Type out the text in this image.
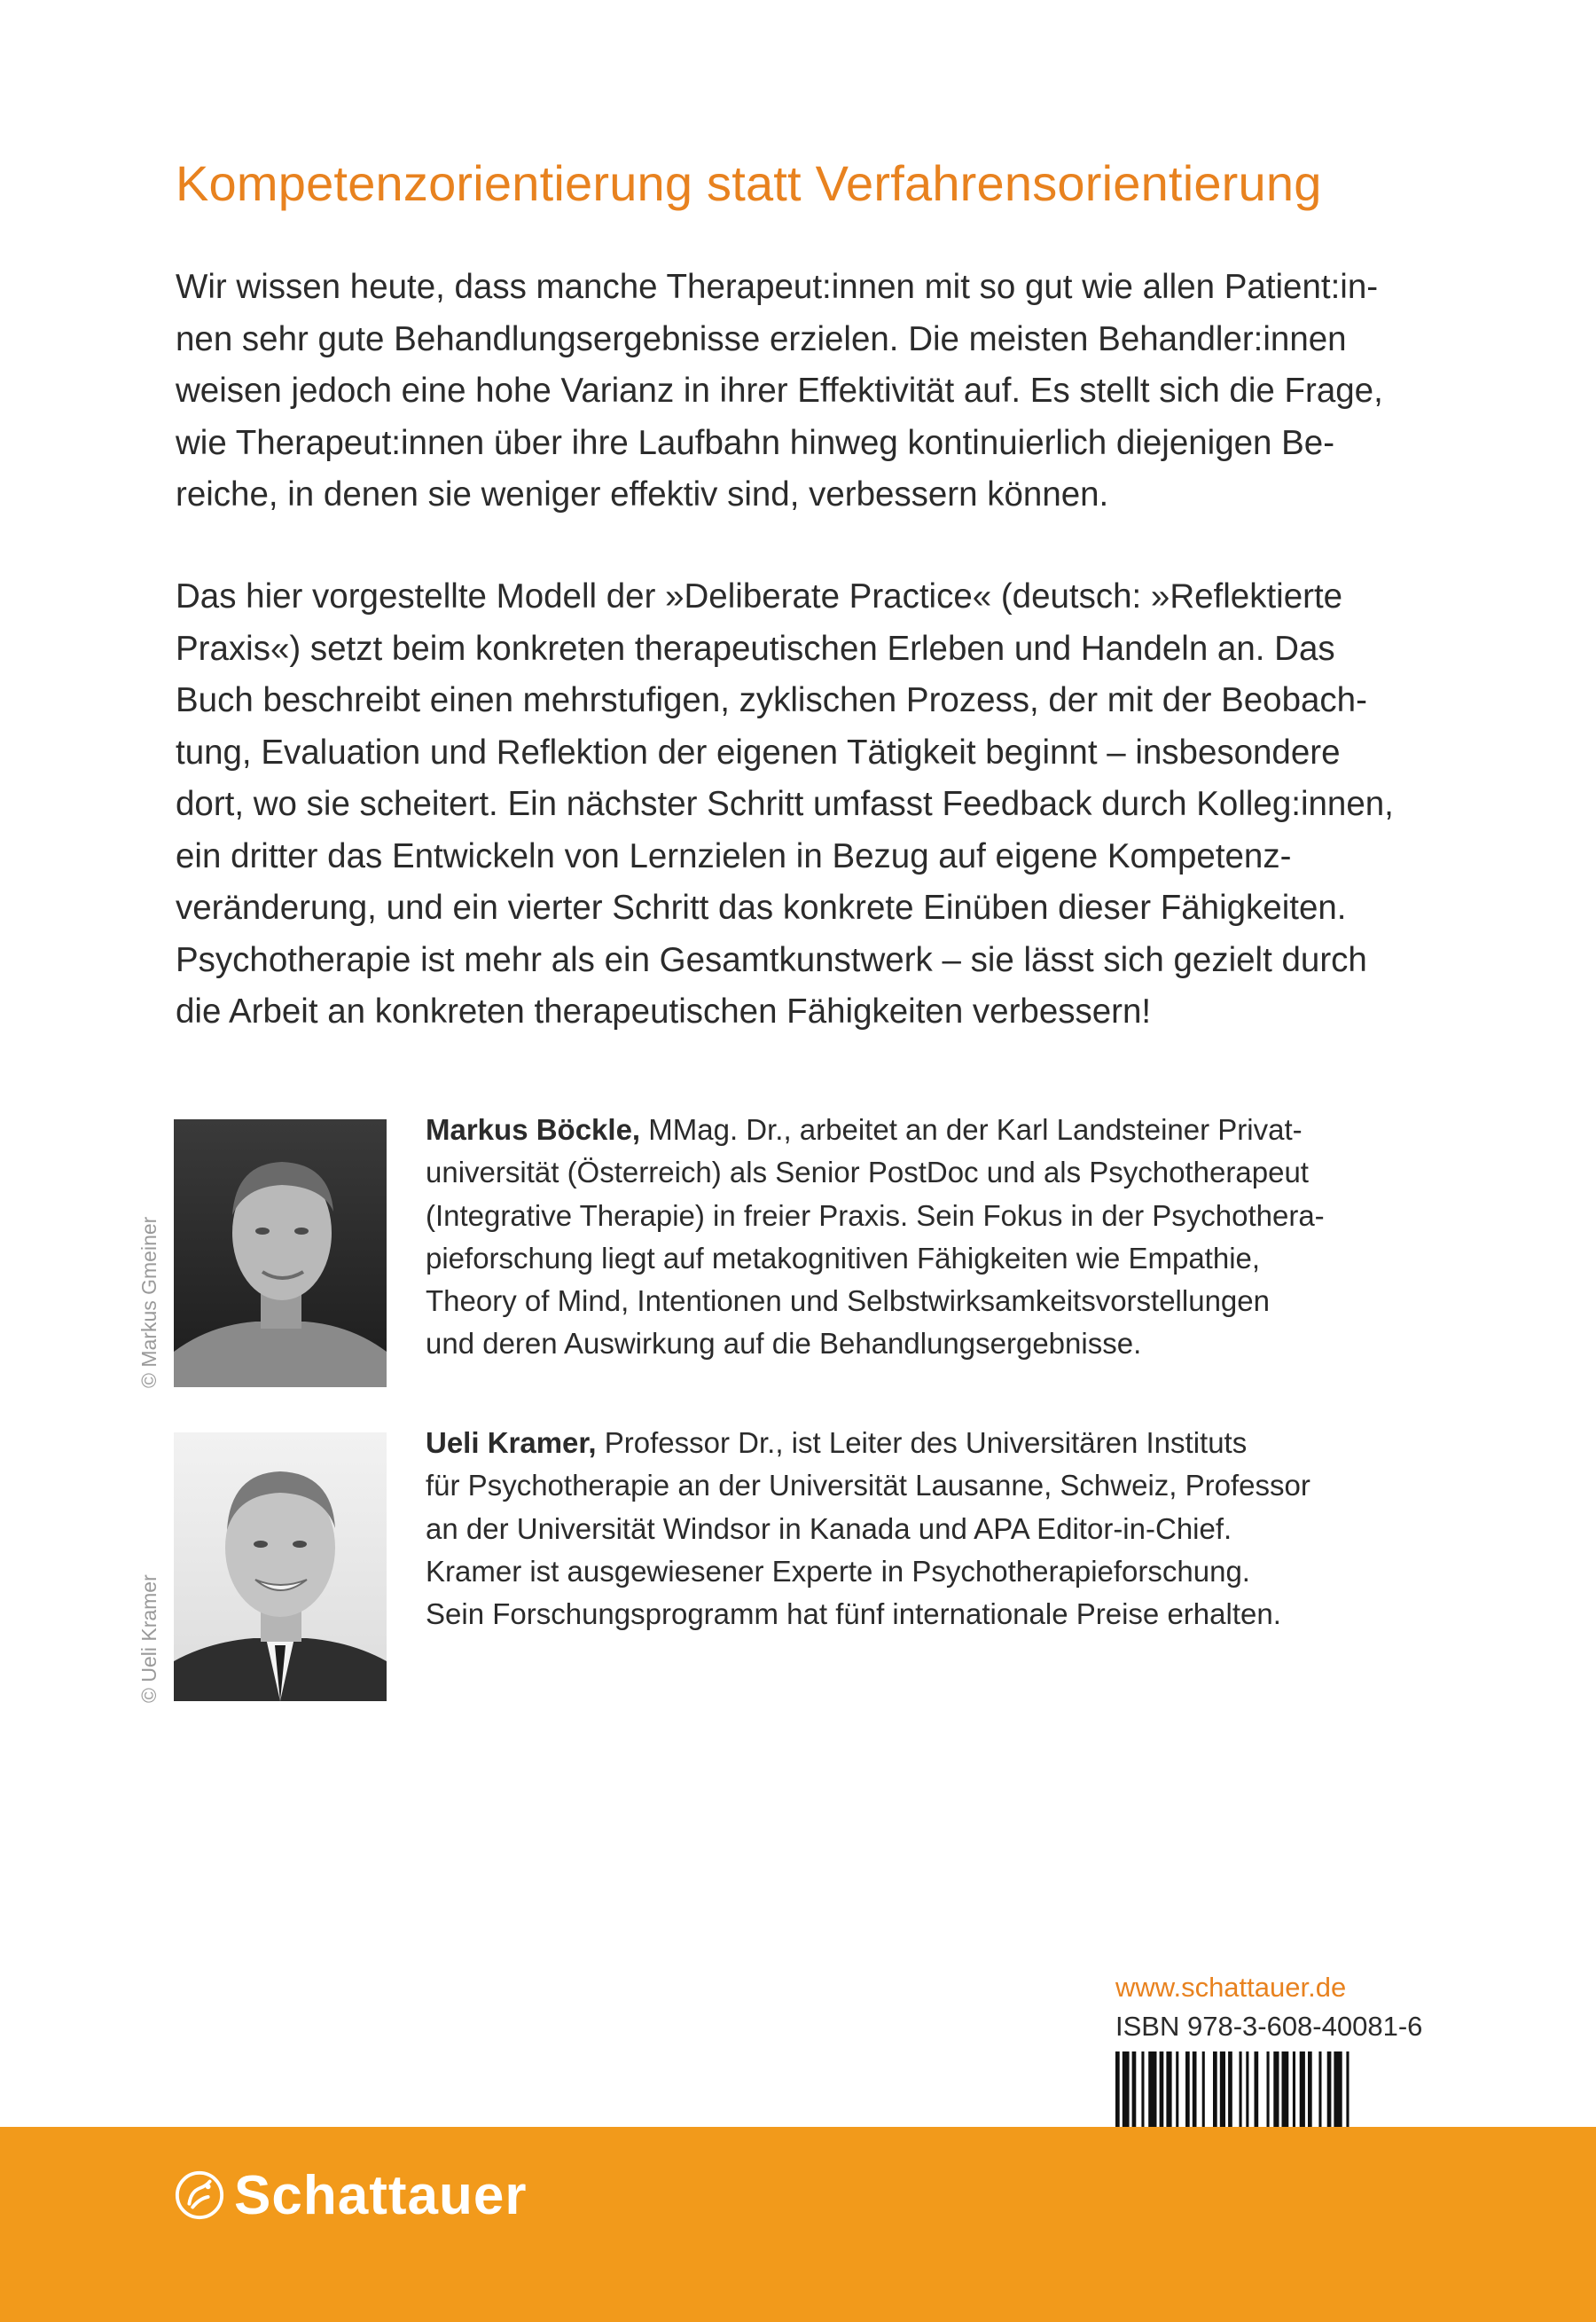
Kompetenzorientierung statt Verfahrensorientierung
Wir wissen heute, dass manche Therapeut:innen mit so gut wie allen Patient:in-
nen sehr gute Behandlungsergebnisse erzielen. Die meisten Behandler:innen
weisen jedoch eine hohe Varianz in ihrer Effektivität auf. Es stellt sich die Frage,
wie Therapeut:innen über ihre Laufbahn hinweg kontinuierlich diejenigen Be-
reiche, in denen sie weniger effektiv sind, verbessern können.
Das hier vorgestellte Modell der »Deliberate Practice« (deutsch: »Reflektierte
Praxis«) setzt beim konkreten therapeutischen Erleben und Handeln an. Das
Buch beschreibt einen mehrstufigen, zyklischen Prozess, der mit der Beobach-
tung, Evaluation und Reflektion der eigenen Tätigkeit beginnt – insbesondere
dort, wo sie scheitert. Ein nächster Schritt umfasst Feedback durch Kolleg:innen,
ein dritter das Entwickeln von Lernzielen in Bezug auf eigene Kompetenz-
veränderung, und ein vierter Schritt das konkrete Einüben dieser Fähigkeiten.
Psychotherapie ist mehr als ein Gesamtkunstwerk – sie lässt sich gezielt durch
die Arbeit an konkreten therapeutischen Fähigkeiten verbessern!
© Markus Gmeiner

Markus Böckle, MMag. Dr., arbeitet an der Karl Landsteiner Privat-
universität (Österreich) als Senior PostDoc und als Psychotherapeut
(Integrative Therapie) in freier Praxis. Sein Fokus in der Psychothera-
pieforschung liegt auf metakognitiven Fähigkeiten wie Empathie,
Theory of Mind, Intentionen und Selbstwirksamkeitsvorstellungen
und deren Auswirkung auf die Behandlungsergebnisse.

© Ueli Kramer

Ueli Kramer, Professor Dr., ist Leiter des Universitären Instituts
für Psychotherapie an der Universität Lausanne, Schweiz, Professor
an der Universität Windsor in Kanada und APA Editor-in-Chief.
Kramer ist ausgewiesener Experte in Psychotherapieforschung.
Sein Forschungsprogramm hat fünf internationale Preise erhalten.

www.schattauer.de
ISBN 978-3-608-40081-6
Schattauer
